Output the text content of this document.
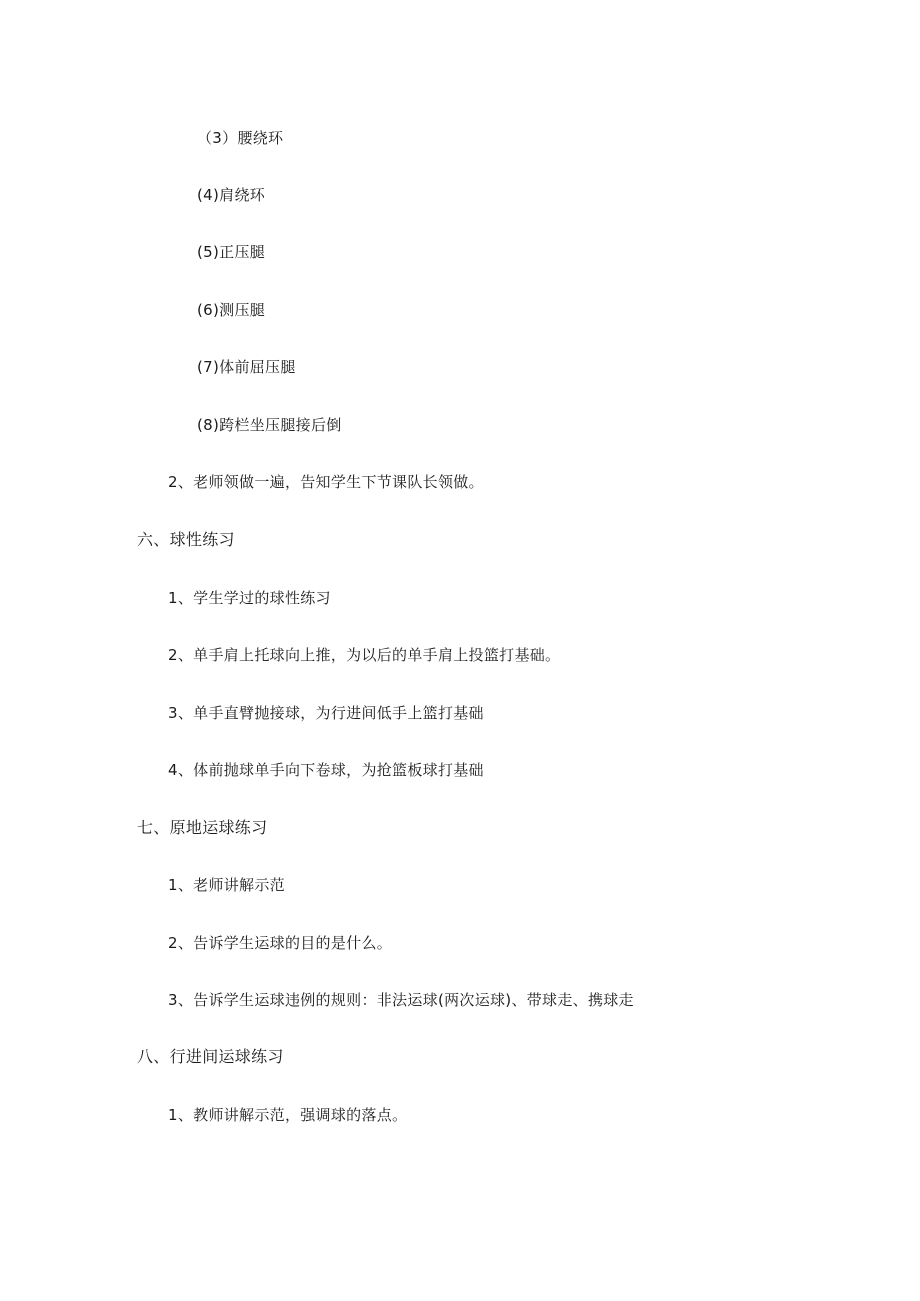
（3）腰绕环
(4)肩绕环
(5)正压腿
(6)测压腿
(7)体前屈压腿
(8)跨栏坐压腿接后倒
2、老师领做一遍，告知学生下节课队长领做。
六、球性练习
1、学生学过的球性练习
2、单手肩上托球向上推，为以后的单手肩上投篮打基础。
3、单手直臂抛接球，为行进间低手上篮打基础
4、体前抛球单手向下卷球，为抢篮板球打基础
七、原地运球练习
1、老师讲解示范
2、告诉学生运球的目的是什么。
3、告诉学生运球违例的规则：非法运球(两次运球)、带球走、携球走
八、行进间运球练习
1、教师讲解示范，强调球的落点。
